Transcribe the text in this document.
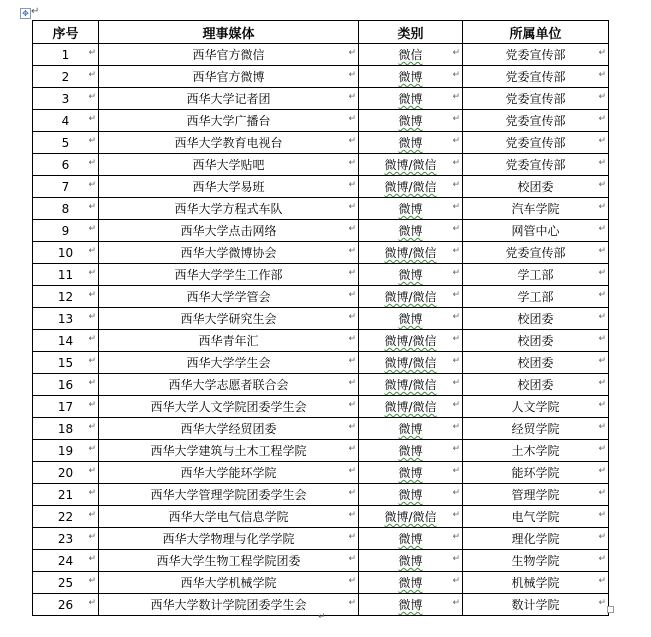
✥ ↵
序号	理事媒体	类别	所属单位
1 ↵	西华官方微信 ↵	微信 ↵	党委宣传部 ↵

2 ↵	西华官方微博 ↵	微博 ↵	党委宣传部 ↵

3 ↵	西华大学记者团 ↵	微博 ↵	党委宣传部 ↵

4 ↵	西华大学广播台 ↵	微博 ↵	党委宣传部 ↵

5 ↵	西华大学教育电视台 ↵	微博 ↵	党委宣传部 ↵

6 ↵	西华大学贴吧 ↵	微博/微信 ↵	党委宣传部 ↵

7 ↵	西华大学易班 ↵	微博/微信 ↵	校团委 ↵

8 ↵	西华大学方程式车队 ↵	微博 ↵	汽车学院 ↵

9 ↵	西华大学点击网络 ↵	微博 ↵	网管中心 ↵

10 ↵	西华大学微博协会 ↵	微博/微信 ↵	党委宣传部 ↵

11 ↵	西华大学学生工作部 ↵	微博 ↵	学工部 ↵

12 ↵	西华大学学管会 ↵	微博/微信 ↵	学工部 ↵

13 ↵	西华大学研究生会 ↵	微博 ↵	校团委 ↵

14 ↵	西华青年汇 ↵	微博/微信 ↵	校团委 ↵

15 ↵	西华大学学生会 ↵	微博/微信 ↵	校团委 ↵

16 ↵	西华大学志愿者联合会 ↵	微博/微信 ↵	校团委 ↵

17 ↵	西华大学人文学院团委学生会 ↵	微博/微信 ↵	人文学院 ↵

18 ↵	西华大学经贸团委 ↵	微博 ↵	经贸学院 ↵

19 ↵	西华大学建筑与土木工程学院 ↵	微博 ↵	土木学院 ↵

20 ↵	西华大学能环学院 ↵	微博 ↵	能环学院 ↵

21 ↵	西华大学管理学院团委学生会 ↵	微博 ↵	管理学院 ↵

22 ↵	西华大学电气信息学院 ↵	微博/微信 ↵	电气学院 ↵

23 ↵	西华大学物理与化学学院 ↵	微博 ↵	理化学院 ↵

24 ↵	西华大学生物工程学院团委 ↵	微博 ↵	生物学院 ↵

25 ↵	西华大学机械学院 ↵	微博 ↵	机械学院 ↵

26 ↵	西华大学数计学院团委学生会 ↵	微博 ↵	数计学院 ↵
↵
